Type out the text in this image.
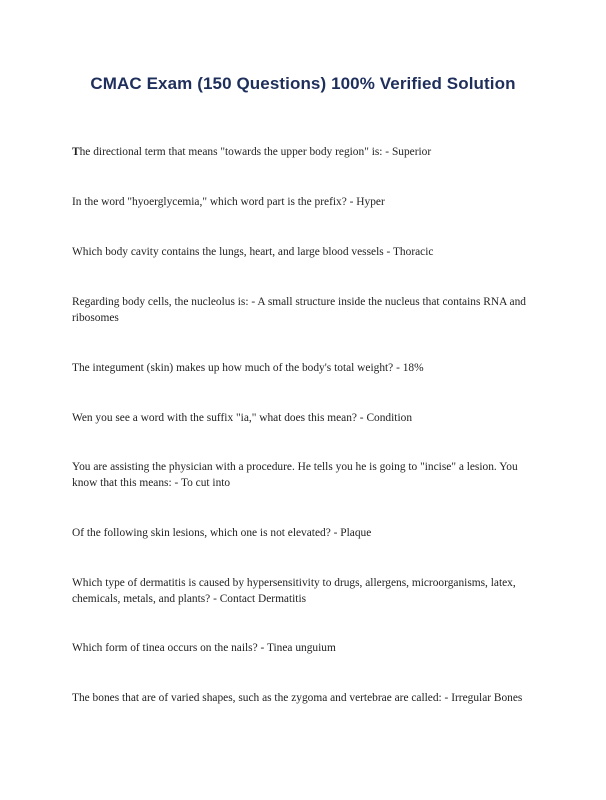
CMAC Exam (150 Questions) 100% Verified Solution

The directional term that means "towards the upper body region" is: - Superior

In the word "hyoerglycemia," which word part is the prefix? - Hyper

Which body cavity contains the lungs, heart, and large blood vessels - Thoracic

Regarding body cells, the nucleolus is: - A small structure inside the nucleus that contains RNA and ribosomes

The integument (skin) makes up how much of the body's total weight? - 18%

Wen you see a word with the suffix "ia," what does this mean? - Condition

You are assisting the physician with a procedure. He tells you he is going to "incise" a lesion. You know that this means: - To cut into

Of the following skin lesions, which one is not elevated? - Plaque

Which type of dermatitis is caused by hypersensitivity to drugs, allergens, microorganisms, latex, chemicals, metals, and plants? - Contact Dermatitis

Which form of tinea occurs on the nails? - Tinea unguium

The bones that are of varied shapes, such as the zygoma and vertebrae are called: - Irregular Bones
